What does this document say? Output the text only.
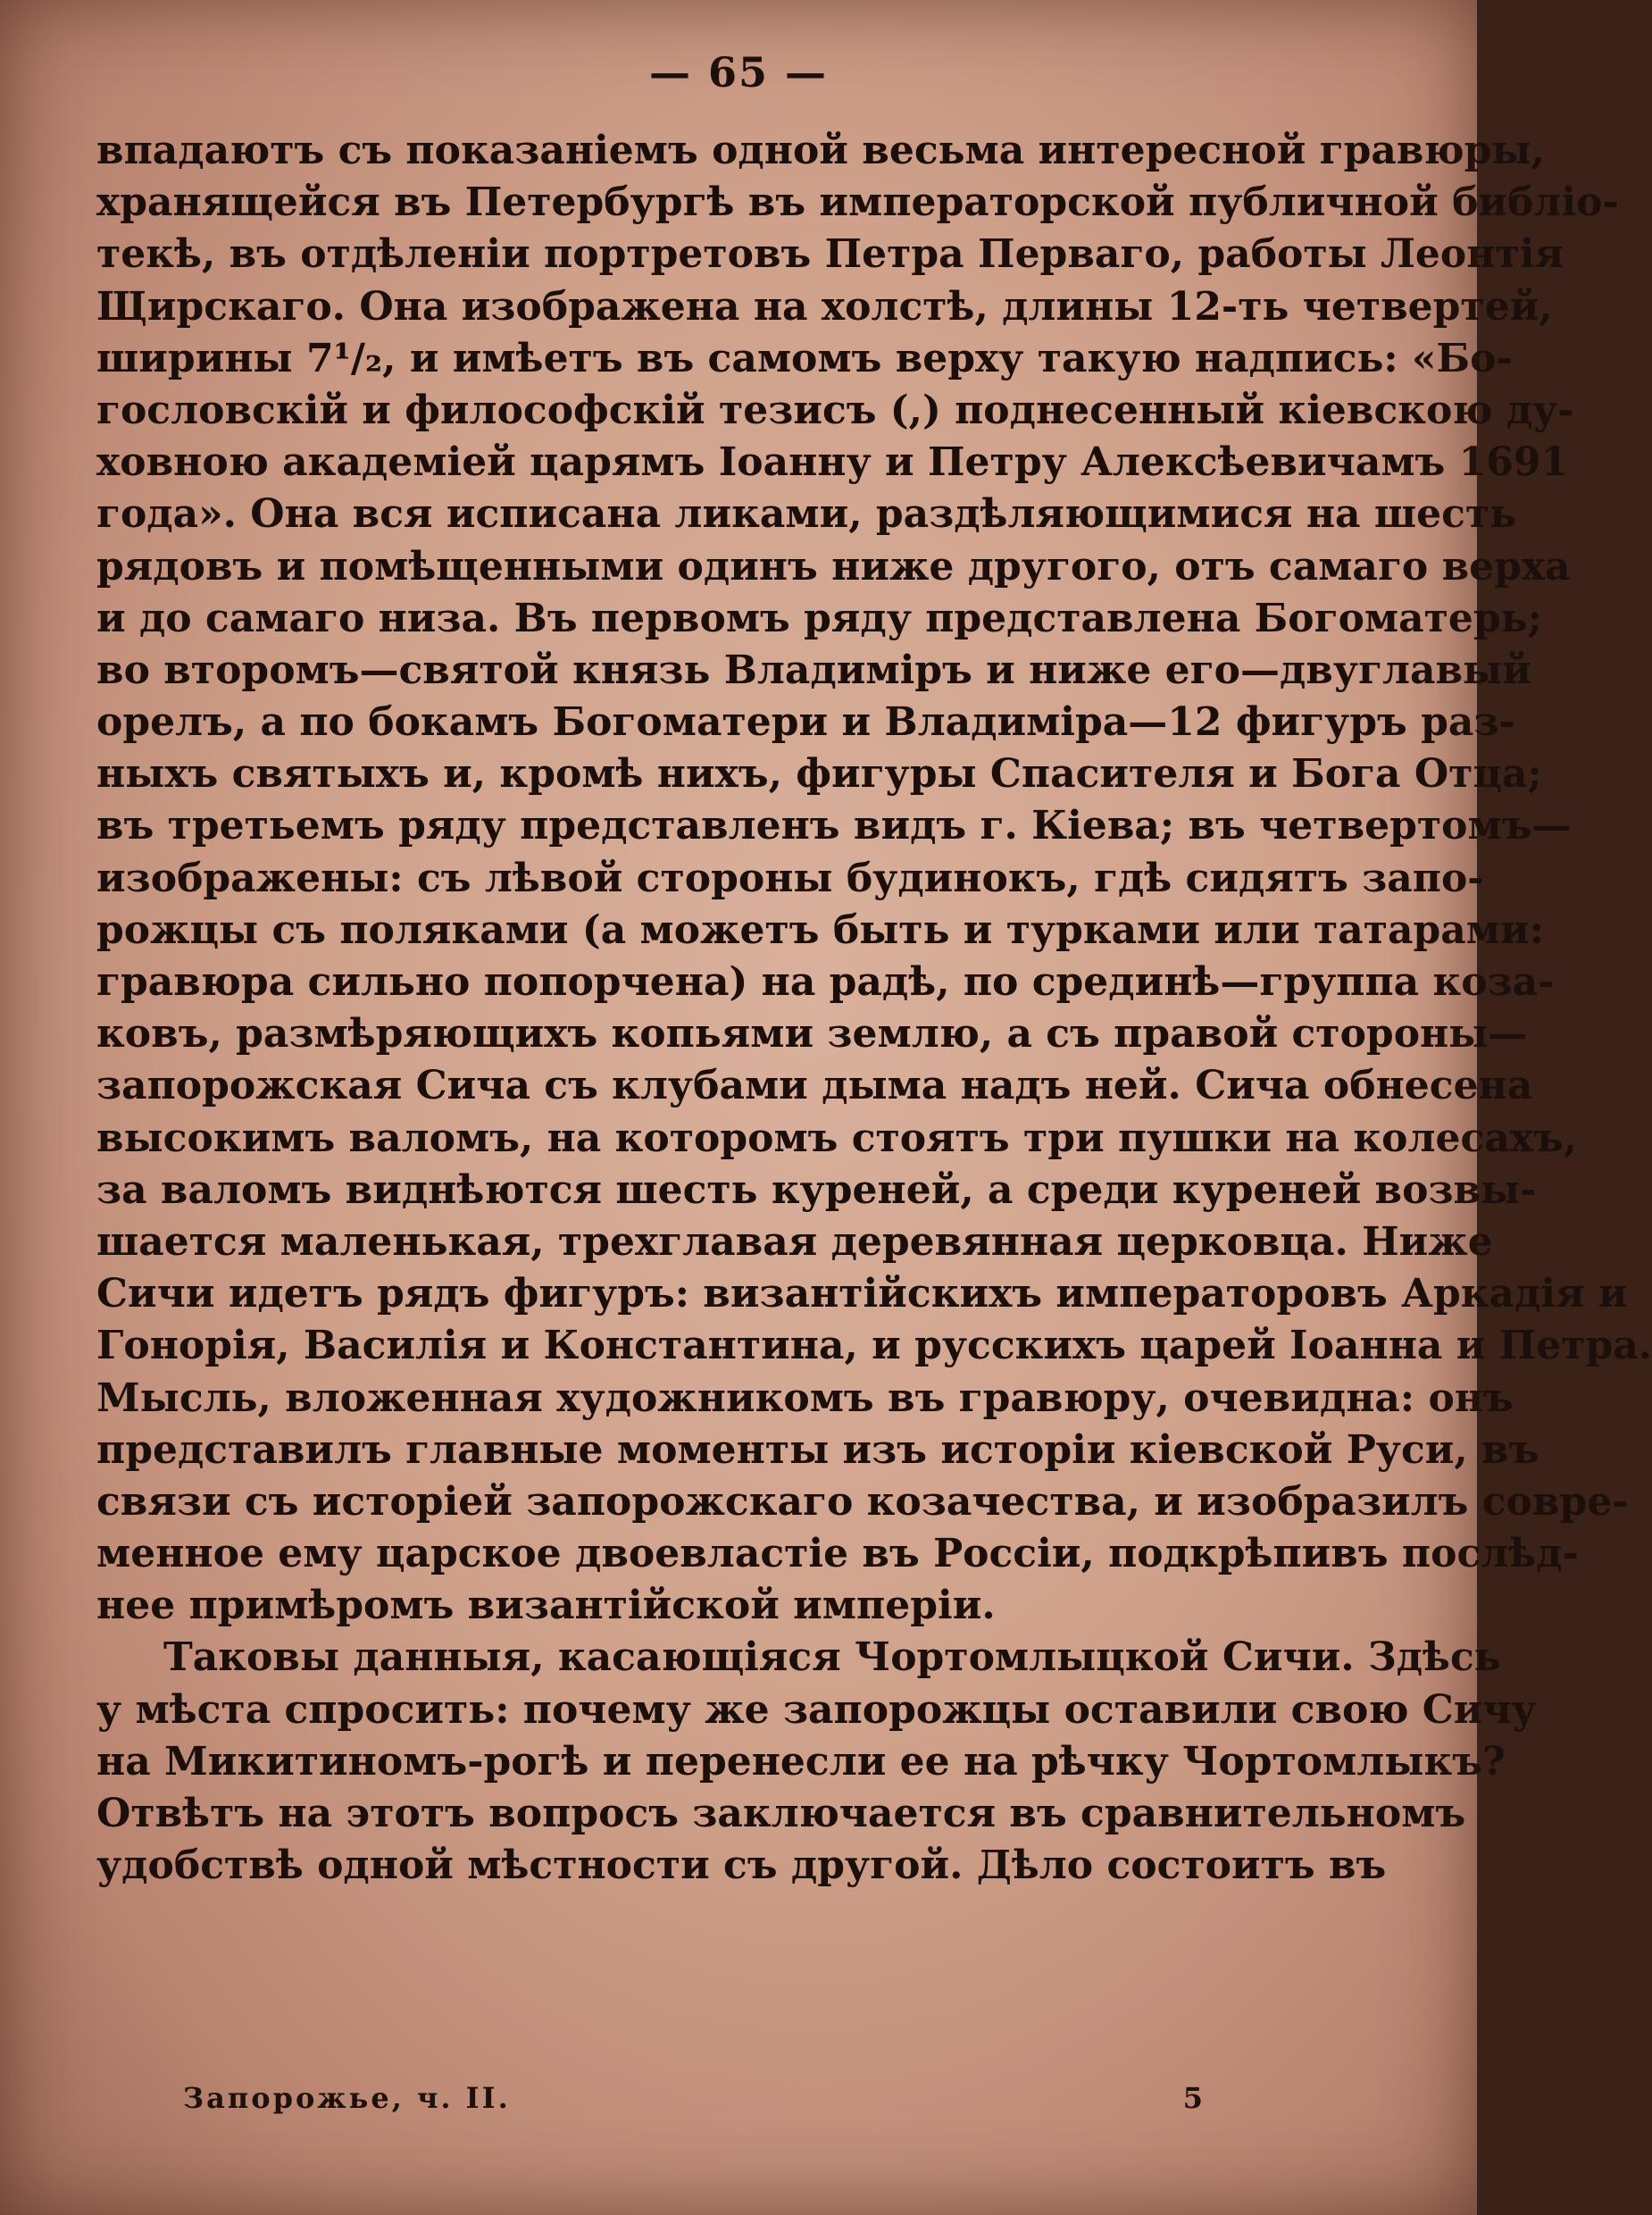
— 65 —
впадаютъ съ показаніемъ одной весьма интересной гравюры,
хранящейся въ Петербургѣ въ императорской публичной библіо-
текѣ, въ отдѣленіи портретовъ Петра Перваго, работы Леонтія
Щирскаго. Она изображена на холстѣ, длины 12-ть четвертей,
ширины 7¹/₂, и имѣетъ въ самомъ верху такую надпись: «Бо-
гословскій и философскій тезисъ (,) поднесенный кіевскою ду-
ховною академіей царямъ Іоанну и Петру Алексѣевичамъ 1691
года». Она вся исписана ликами, раздѣляющимися на шесть
рядовъ и помѣщенными одинъ ниже другого, отъ самаго верха
и до самаго низа. Въ первомъ ряду представлена Богоматерь;
во второмъ—святой князь Владиміръ и ниже его—двуглавый
орелъ, а по бокамъ Богоматери и Владиміра—12 фигуръ раз-
ныхъ святыхъ и, кромѣ нихъ, фигуры Спасителя и Бога Отца;
въ третьемъ ряду представленъ видъ г. Кіева; въ четвертомъ—
изображены: съ лѣвой стороны будинокъ, гдѣ сидятъ запо-
рожцы съ поляками (а можетъ быть и турками или татарами:
гравюра сильно попорчена) на радѣ, по срединѣ—группа коза-
ковъ, размѣряющихъ копьями землю, а съ правой стороны—
запорожская Сича съ клубами дыма надъ ней. Сича обнесена
высокимъ валомъ, на которомъ стоятъ три пушки на колесахъ,
за валомъ виднѣются шесть куреней, а среди куреней возвы-
шается маленькая, трехглавая деревянная церковца. Ниже
Сичи идетъ рядъ фигуръ: византійскихъ императоровъ Аркадія и
Гонорія, Василія и Константина, и русскихъ царей Іоанна и Петра.
Мысль, вложенная художникомъ въ гравюру, очевидна: онъ
представилъ главные моменты изъ исторіи кіевской Руси, въ
связи съ исторіей запорожскаго козачества, и изобразилъ совре-
менное ему царское двоевластіе въ Россіи, подкрѣпивъ послѣд-
нее примѣромъ византійской имперіи.
Таковы данныя, касающіяся Чортомлыцкой Сичи. Здѣсь
у мѣста спросить: почему же запорожцы оставили свою Сичу
на Микитиномъ-рогѣ и перенесли ее на рѣчку Чортомлыкъ?
Отвѣтъ на этотъ вопросъ заключается въ сравнительномъ
удобствѣ одной мѣстности съ другой. Дѣло состоитъ въ
Запорожье, ч. II.	5
